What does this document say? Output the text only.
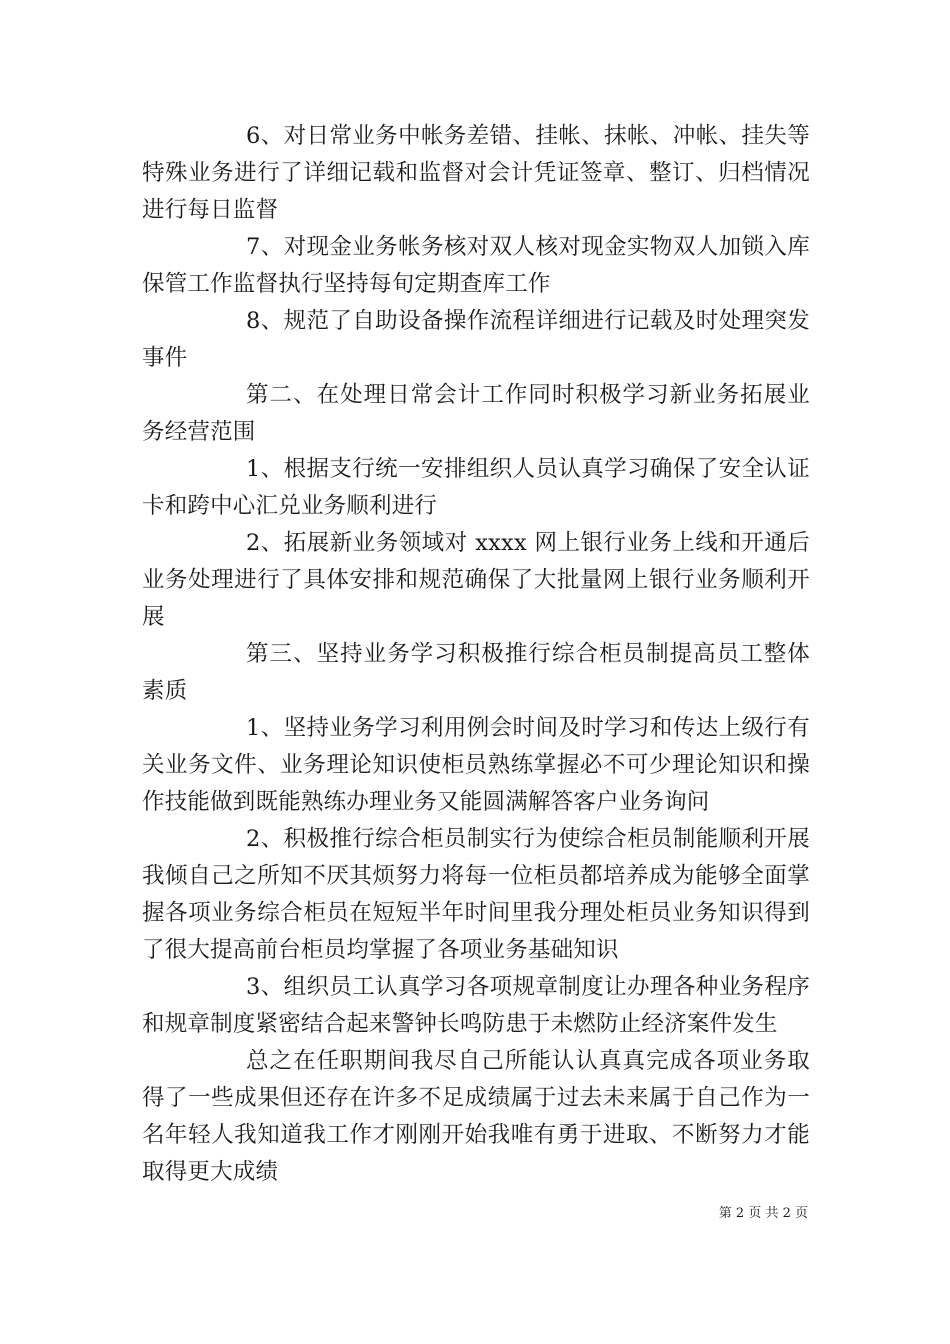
6、对日常业务中帐务差错、挂帐、抹帐、冲帐、挂失等特殊业务进行了详细记载和监督对会计凭证签章、整订、归档情况进行每日监督

7、对现金业务帐务核对双人核对现金实物双人加锁入库保管工作监督执行坚持每旬定期查库工作

8、规范了自助设备操作流程详细进行记载及时处理突发事件

第二、在处理日常会计工作同时积极学习新业务拓展业务经营范围

1、根据支行统一安排组织人员认真学习确保了安全认证卡和跨中心汇兑业务顺利进行

2、拓展新业务领域对 xxxx 网上银行业务上线和开通后业务处理进行了具体安排和规范确保了大批量网上银行业务顺利开展

第三、坚持业务学习积极推行综合柜员制提高员工整体素质

1、坚持业务学习利用例会时间及时学习和传达上级行有关业务文件、业务理论知识使柜员熟练掌握必不可少理论知识和操作技能做到既能熟练办理业务又能圆满解答客户业务询问

2、积极推行综合柜员制实行为使综合柜员制能顺利开展我倾自己之所知不厌其烦努力将每一位柜员都培养成为能够全面掌握各项业务综合柜员在短短半年时间里我分理处柜员业务知识得到了很大提高前台柜员均掌握了各项业务基础知识

3、组织员工认真学习各项规章制度让办理各种业务程序和规章制度紧密结合起来警钟长鸣防患于未燃防止经济案件发生

总之在任职期间我尽自己所能认认真真完成各项业务取得了一些成果但还存在许多不足成绩属于过去未来属于自己作为一名年轻人我知道我工作才刚刚开始我唯有勇于进取、不断努力才能取得更大成绩

第 2 页 共 2 页
